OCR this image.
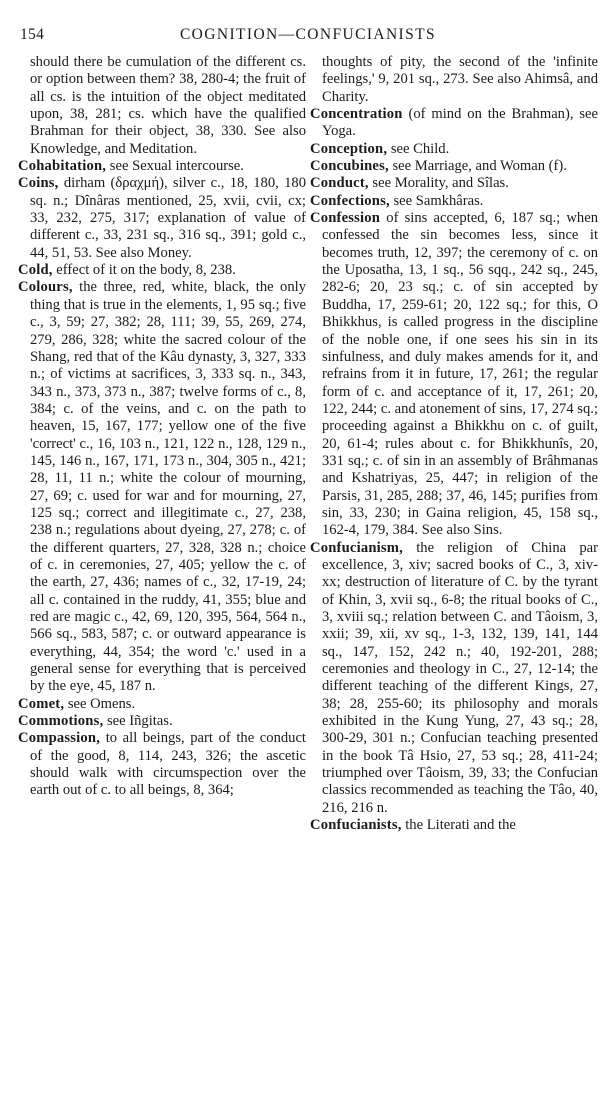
154	COGNITION—CONFUCIANISTS

should there be cumulation of the different cs. or option between them? 38, 280-4; the fruit of all cs. is the intuition of the object meditated upon, 38, 281; cs. which have the qualified Brahman for their object, 38, 330. See also Knowledge, and Meditation.

Cohabitation, see Sexual intercourse.

Coins, dirham (δραχμή), silver c., 18, 180, 180 sq. n.; Dînâras mentioned, 25, xvii, cvii, cx; 33, 232, 275, 317; explanation of value of different c., 33, 231 sq., 316 sq., 391; gold c., 44, 51, 53. See also Money.

Cold, effect of it on the body, 8, 238.

Colours, the three, red, white, black, the only thing that is true in the elements, 1, 95 sq.; five c., 3, 59; 27, 382; 28, 111; 39, 55, 269, 274, 279, 286, 328; white the sacred colour of the Shang, red that of the Kâu dynasty, 3, 327, 333 n.; of victims at sacrifices, 3, 333 sq. n., 343, 343 n., 373, 373 n., 387; twelve forms of c., 8, 384; c. of the veins, and c. on the path to heaven, 15, 167, 177; yellow one of the five 'correct' c., 16, 103 n., 121, 122 n., 128, 129 n., 145, 146 n., 167, 171, 173 n., 304, 305 n., 421; 28, 11, 11 n.; white the colour of mourning, 27, 69; c. used for war and for mourning, 27, 125 sq.; correct and illegitimate c., 27, 238, 238 n.; regulations about dyeing, 27, 278; c. of the different quarters, 27, 328, 328 n.; choice of c. in ceremonies, 27, 405; yellow the c. of the earth, 27, 436; names of c., 32, 17-19, 24; all c. contained in the ruddy, 41, 355; blue and red are magic c., 42, 69, 120, 395, 564, 564 n., 566 sq., 583, 587; c. or outward appearance is everything, 44, 354; the word 'c.' used in a general sense for everything that is perceived by the eye, 45, 187 n.

Comet, see Omens.

Commotions, see Iñgitas.

Compassion, to all beings, part of the conduct of the good, 8, 114, 243, 326; the ascetic should walk with circumspection over the earth out of c. to all beings, 8, 364;

thoughts of pity, the second of the 'infinite feelings,' 9, 201 sq., 273. See also Ahimsâ, and Charity.

Concentration (of mind on the Brahman), see Yoga.

Conception, see Child.

Concubines, see Marriage, and Woman (f).

Conduct, see Morality, and Sîlas.

Confections, see Samkhâras.

Confession of sins accepted, 6, 187 sq.; when confessed the sin becomes less, since it becomes truth, 12, 397; the ceremony of c. on the Uposatha, 13, 1 sq., 56 sqq., 242 sq., 245, 282-6; 20, 23 sq.; c. of sin accepted by Buddha, 17, 259-61; 20, 122 sq.; for this, O Bhikkhus, is called progress in the discipline of the noble one, if one sees his sin in its sinfulness, and duly makes amends for it, and refrains from it in future, 17, 261; the regular form of c. and acceptance of it, 17, 261; 20, 122, 244; c. and atonement of sins, 17, 274 sq.; proceeding against a Bhikkhu on c. of guilt, 20, 61-4; rules about c. for Bhikkhunîs, 20, 331 sq.; c. of sin in an assembly of Brâhmanas and Kshatriyas, 25, 447; in religion of the Parsis, 31, 285, 288; 37, 46, 145; purifies from sin, 33, 230; in Gaina religion, 45, 158 sq., 162-4, 179, 384. See also Sins.

Confucianism, the religion of China par excellence, 3, xiv; sacred books of C., 3, xiv-xx; destruction of literature of C. by the tyrant of Khin, 3, xvii sq., 6-8; the ritual books of C., 3, xviii sq.; relation between C. and Tâoism, 3, xxii; 39, xii, xv sq., 1-3, 132, 139, 141, 144 sq., 147, 152, 242 n.; 40, 192-201, 288; ceremonies and theology in C., 27, 12-14; the different teaching of the different Kings, 27, 38; 28, 255-60; its philosophy and morals exhibited in the Kung Yung, 27, 43 sq.; 28, 300-29, 301 n.; Confucian teaching presented in the book Tâ Hsio, 27, 53 sq.; 28, 411-24; triumphed over Tâoism, 39, 33; the Confucian classics recommended as teaching the Tâo, 40, 216, 216 n.

Confucianists, the Literati and the
